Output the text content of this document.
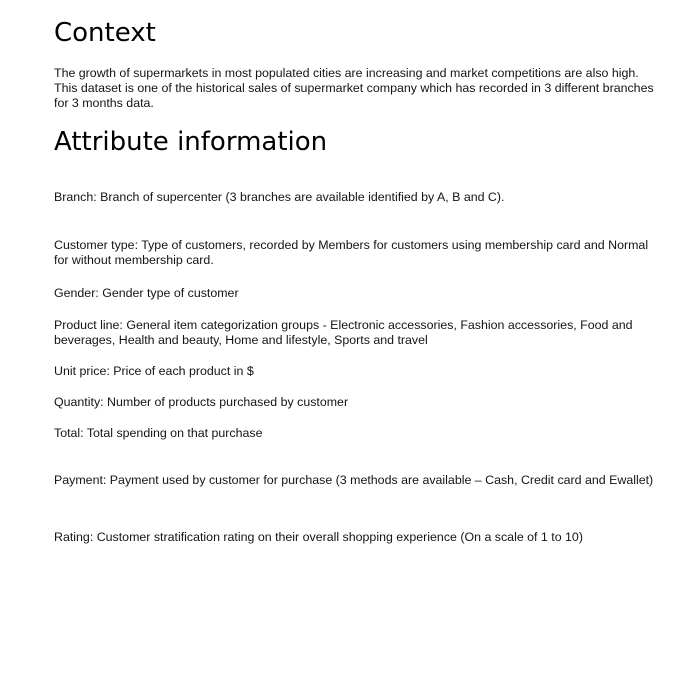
Context

The growth of supermarkets in most populated cities are increasing and market competitions are also high. This dataset is one of the historical sales of supermarket company which has recorded in 3 different branches for 3 months data.

Attribute information

Branch: Branch of supercenter (3 branches are available identified by A, B and C).

Customer type: Type of customers, recorded by Members for customers using membership card and Normal for without membership card.

Gender: Gender type of customer

Product line: General item categorization groups - Electronic accessories, Fashion accessories, Food and beverages, Health and beauty, Home and lifestyle, Sports and travel

Unit price: Price of each product in $

Quantity: Number of products purchased by customer

Total: Total spending on that purchase

Payment: Payment used by customer for purchase (3 methods are available – Cash, Credit card and Ewallet)

Rating: Customer stratification rating on their overall shopping experience (On a scale of 1 to 10)
